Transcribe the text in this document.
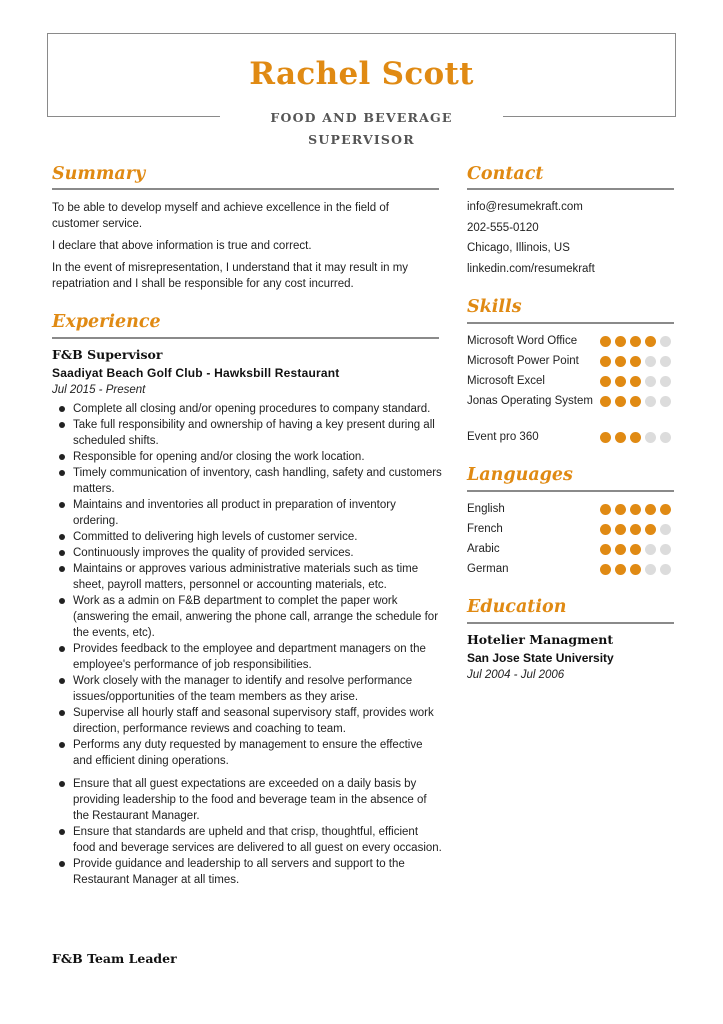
Rachel Scott
FOOD AND BEVERAGE SUPERVISOR
Summary
To be able to develop myself and achieve excellence in the field of customer service.
I declare that above information is true and correct.
In the event of misrepresentation, I understand that it may result in my repatriation and I shall be responsible for any cost incurred.
Experience
F&B Supervisor
Saadiyat Beach Golf Club - Hawksbill Restaurant
Jul 2015 - Present
Complete all closing and/or opening procedures to company standard.
Take full responsibility and ownership of having a key present during all scheduled shifts.
Responsible for opening and/or closing the work location.
Timely communication of inventory, cash handling, safety and customers matters.
Maintains and inventories all product in preparation of inventory ordering.
Committed to delivering high levels of customer service.
Continuously improves the quality of provided services.
Maintains or approves various administrative materials such as time sheet, payroll matters, personnel or accounting materials, etc.
Work as a admin on F&B department to complet the paper work (answering the email, anwering the phone call, arrange the schedule for the events, etc).
Provides feedback to the employee and department managers on the employee's performance of job responsibilities.
Work closely with the manager to identify and resolve performance issues/opportunities of the team members as they arise.
Supervise all hourly staff and seasonal supervisory staff, provides work direction, performance reviews and coaching to team.
Performs any duty requested by management to ensure the effective and efficient dining operations.
Ensure that all guest expectations are exceeded on a daily basis by providing leadership to the food and beverage team in the absence of the Restaurant Manager.
Ensure that standards are upheld and that crisp, thoughtful, efficient food and beverage services are delivered to all guest on every occasion.
Provide guidance and leadership to all servers and support to the Restaurant Manager at all times.
F&B Team Leader
Contact
info@resumekraft.com
202-555-0120
Chicago, Illinois, US
linkedin.com/resumekraft
Skills
Microsoft Word Office
Microsoft Power Point
Microsoft Excel
Jonas Operating System
Event pro 360
Languages
English
French
Arabic
German
Education
Hotelier Managment
San Jose State University
Jul 2004 - Jul 2006
